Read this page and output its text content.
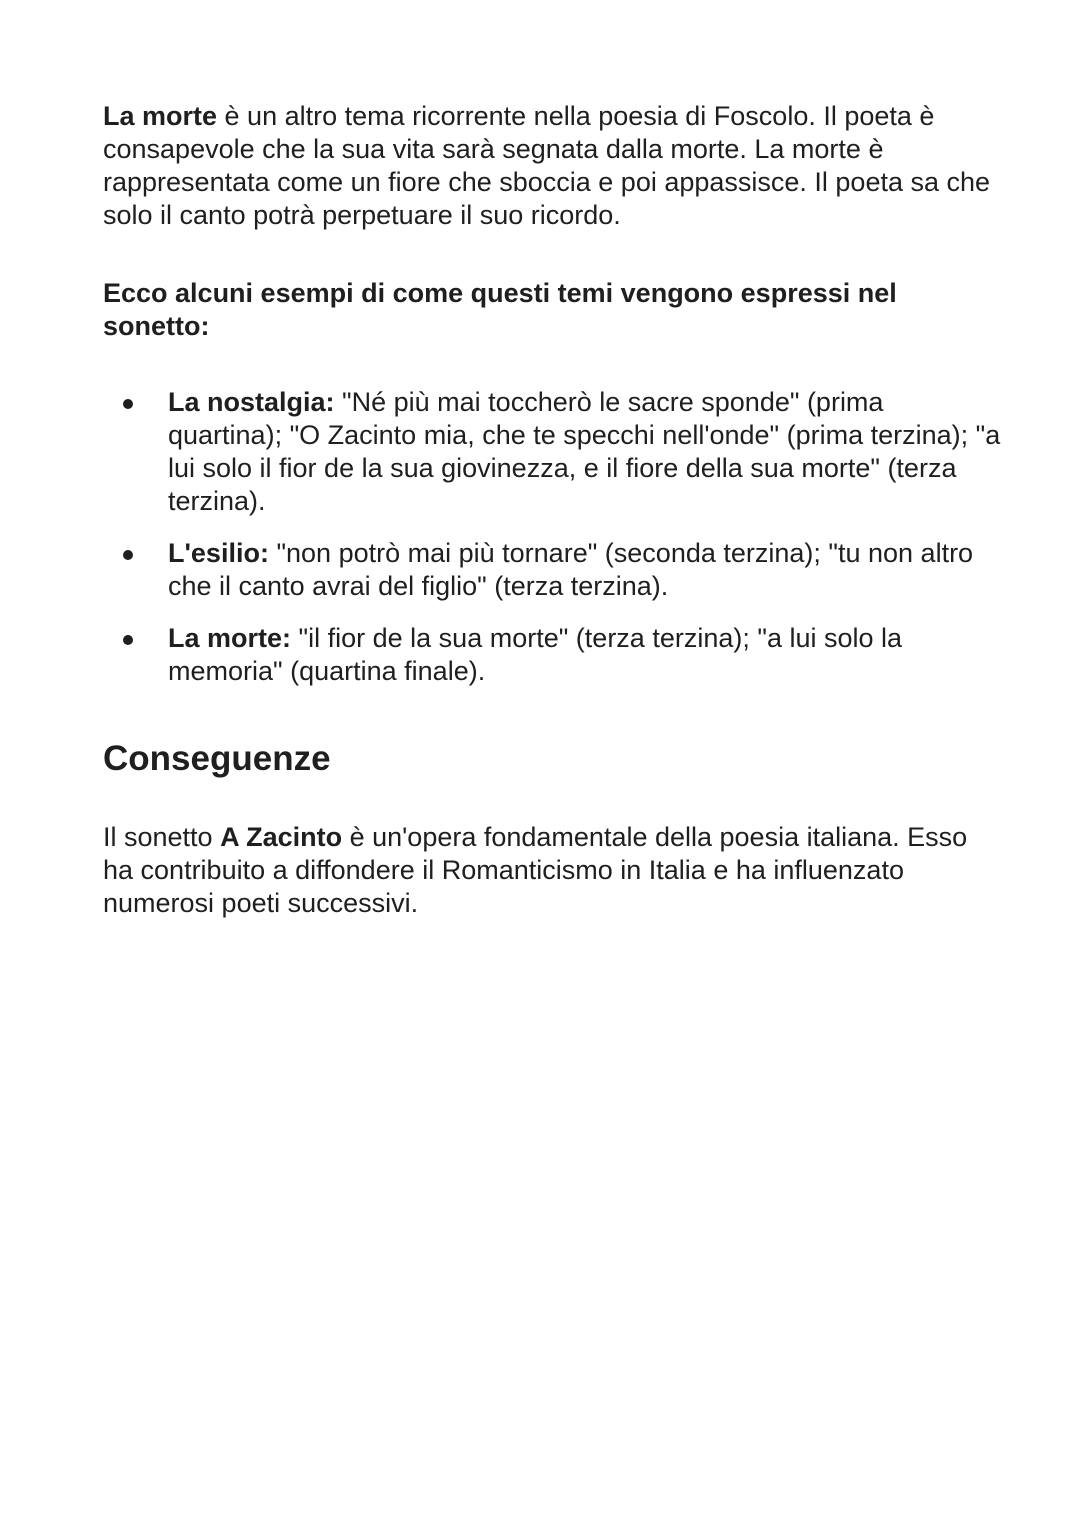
La morte è un altro tema ricorrente nella poesia di Foscolo. Il poeta è consapevole che la sua vita sarà segnata dalla morte. La morte è rappresentata come un fiore che sboccia e poi appassisce. Il poeta sa che solo il canto potrà perpetuare il suo ricordo.

Ecco alcuni esempi di come questi temi vengono espressi nel sonetto:

La nostalgia: "Né più mai toccherò le sacre sponde" (prima quartina); "O Zacinto mia, che te specchi nell'onde" (prima terzina); "a lui solo il fior de la sua giovinezza, e il fiore della sua morte" (terza terzina).
L'esilio: "non potrò mai più tornare" (seconda terzina); "tu non altro che il canto avrai del figlio" (terza terzina).
La morte: "il fior de la sua morte" (terza terzina); "a lui solo la memoria" (quartina finale).
Conseguenze

Il sonetto A Zacinto è un'opera fondamentale della poesia italiana. Esso ha contribuito a diffondere il Romanticismo in Italia e ha influenzato numerosi poeti successivi.
